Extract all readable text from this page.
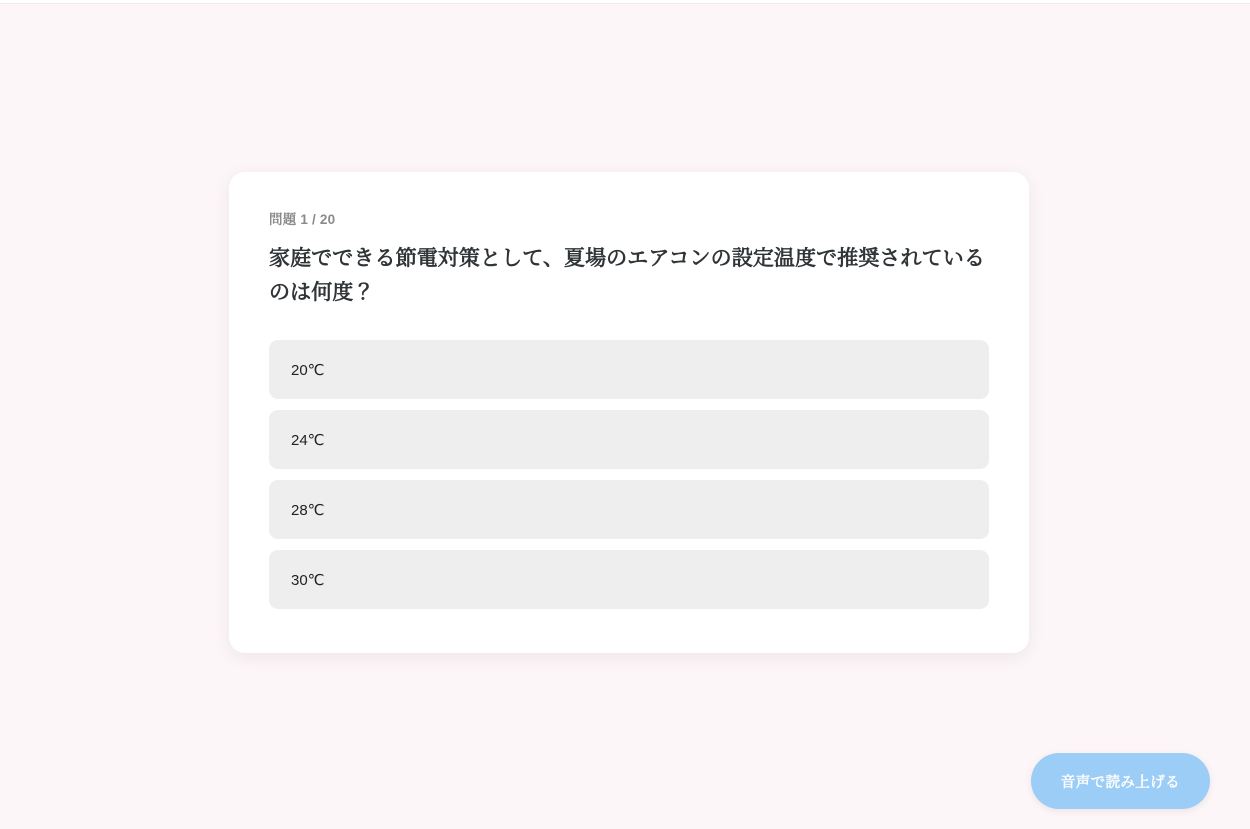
問題 1 / 20
家庭でできる節電対策として、夏場のエアコンの設定温度で推奨されているのは何度？
20℃
24℃
28℃
30℃
音声で読み上げる
